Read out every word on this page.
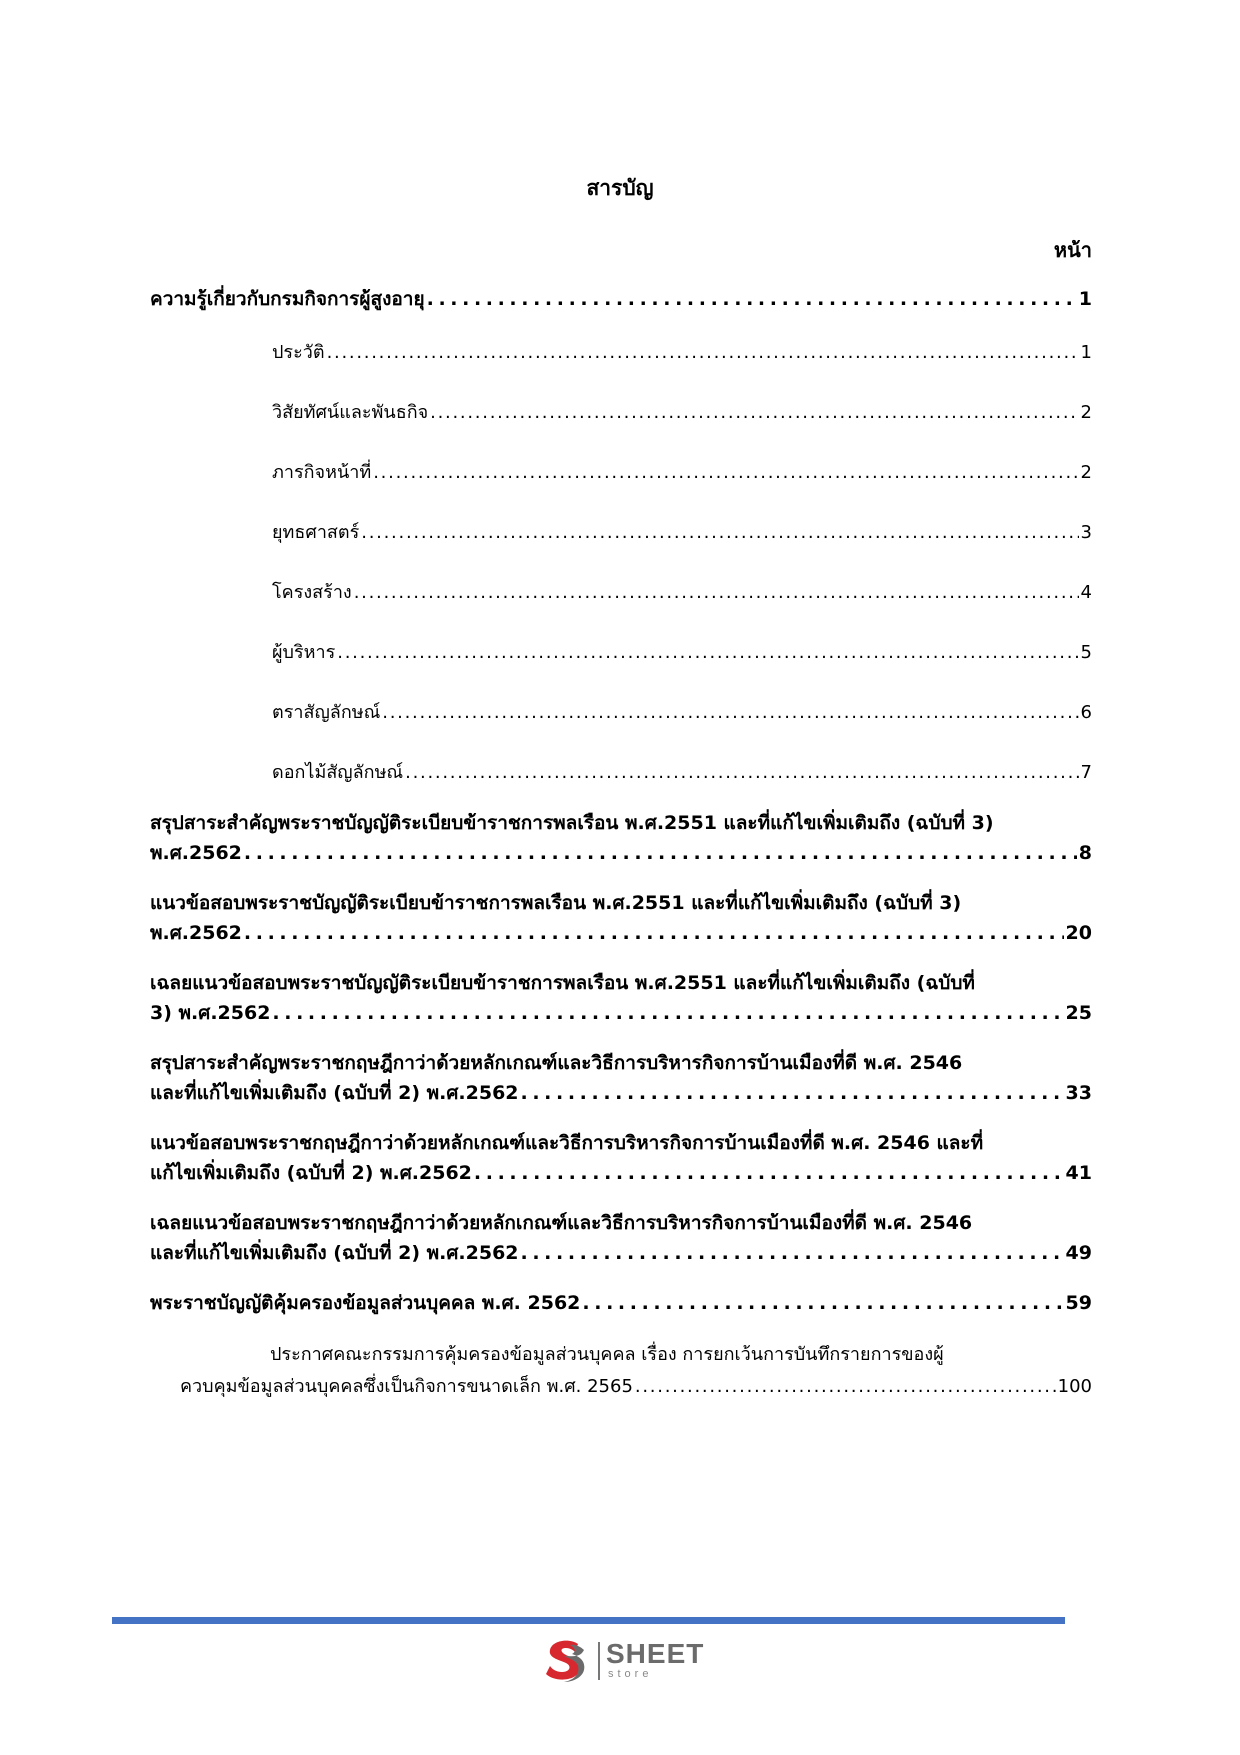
สารบัญ
หน้า
ความรู้เกี่ยวกับกรมกิจการผู้สูงอายุ . . .	1
ประวัติ . . .	1
วิสัยทัศน์และพันธกิจ . . .	2
ภารกิจหน้าที่ . . .	2
ยุทธศาสตร์ . . .	3
โครงสร้าง . . .	4
ผู้บริหาร . . .	5
ตราสัญลักษณ์ . . .	6
ดอกไม้สัญลักษณ์ . . .	7
สรุปสาระสำคัญพระราชบัญญัติระเบียบข้าราชการพลเรือน พ.ศ.2551 และที่แก้ไขเพิ่มเติมถึง (ฉบับที่ 3)
พ.ศ.2562 . . .	8
แนวข้อสอบพระราชบัญญัติระเบียบข้าราชการพลเรือน พ.ศ.2551 และที่แก้ไขเพิ่มเติมถึง (ฉบับที่ 3)
พ.ศ.2562 . . .	20
เฉลยแนวข้อสอบพระราชบัญญัติระเบียบข้าราชการพลเรือน พ.ศ.2551 และที่แก้ไขเพิ่มเติมถึง (ฉบับที่
3) พ.ศ.2562 . . .	25
สรุปสาระสำคัญพระราชกฤษฎีกาว่าด้วยหลักเกณฑ์และวิธีการบริหารกิจการบ้านเมืองที่ดี พ.ศ. 2546
และที่แก้ไขเพิ่มเติมถึง (ฉบับที่ 2) พ.ศ.2562 . . .	33
แนวข้อสอบพระราชกฤษฎีกาว่าด้วยหลักเกณฑ์และวิธีการบริหารกิจการบ้านเมืองที่ดี พ.ศ. 2546 และที่
แก้ไขเพิ่มเติมถึง (ฉบับที่ 2) พ.ศ.2562 . . .	41
เฉลยแนวข้อสอบพระราชกฤษฎีกาว่าด้วยหลักเกณฑ์และวิธีการบริหารกิจการบ้านเมืองที่ดี พ.ศ. 2546
และที่แก้ไขเพิ่มเติมถึง (ฉบับที่ 2) พ.ศ.2562 . . .	49
พระราชบัญญัติคุ้มครองข้อมูลส่วนบุคคล พ.ศ. 2562 . . .	59
ประกาศคณะกรรมการคุ้มครองข้อมูลส่วนบุคคล เรื่อง การยกเว้นการบันทึกรายการของผู้
ควบคุมข้อมูลส่วนบุคคลซึ่งเป็นกิจการขนาดเล็ก พ.ศ. 2565 . . .	100
SHEET
store
